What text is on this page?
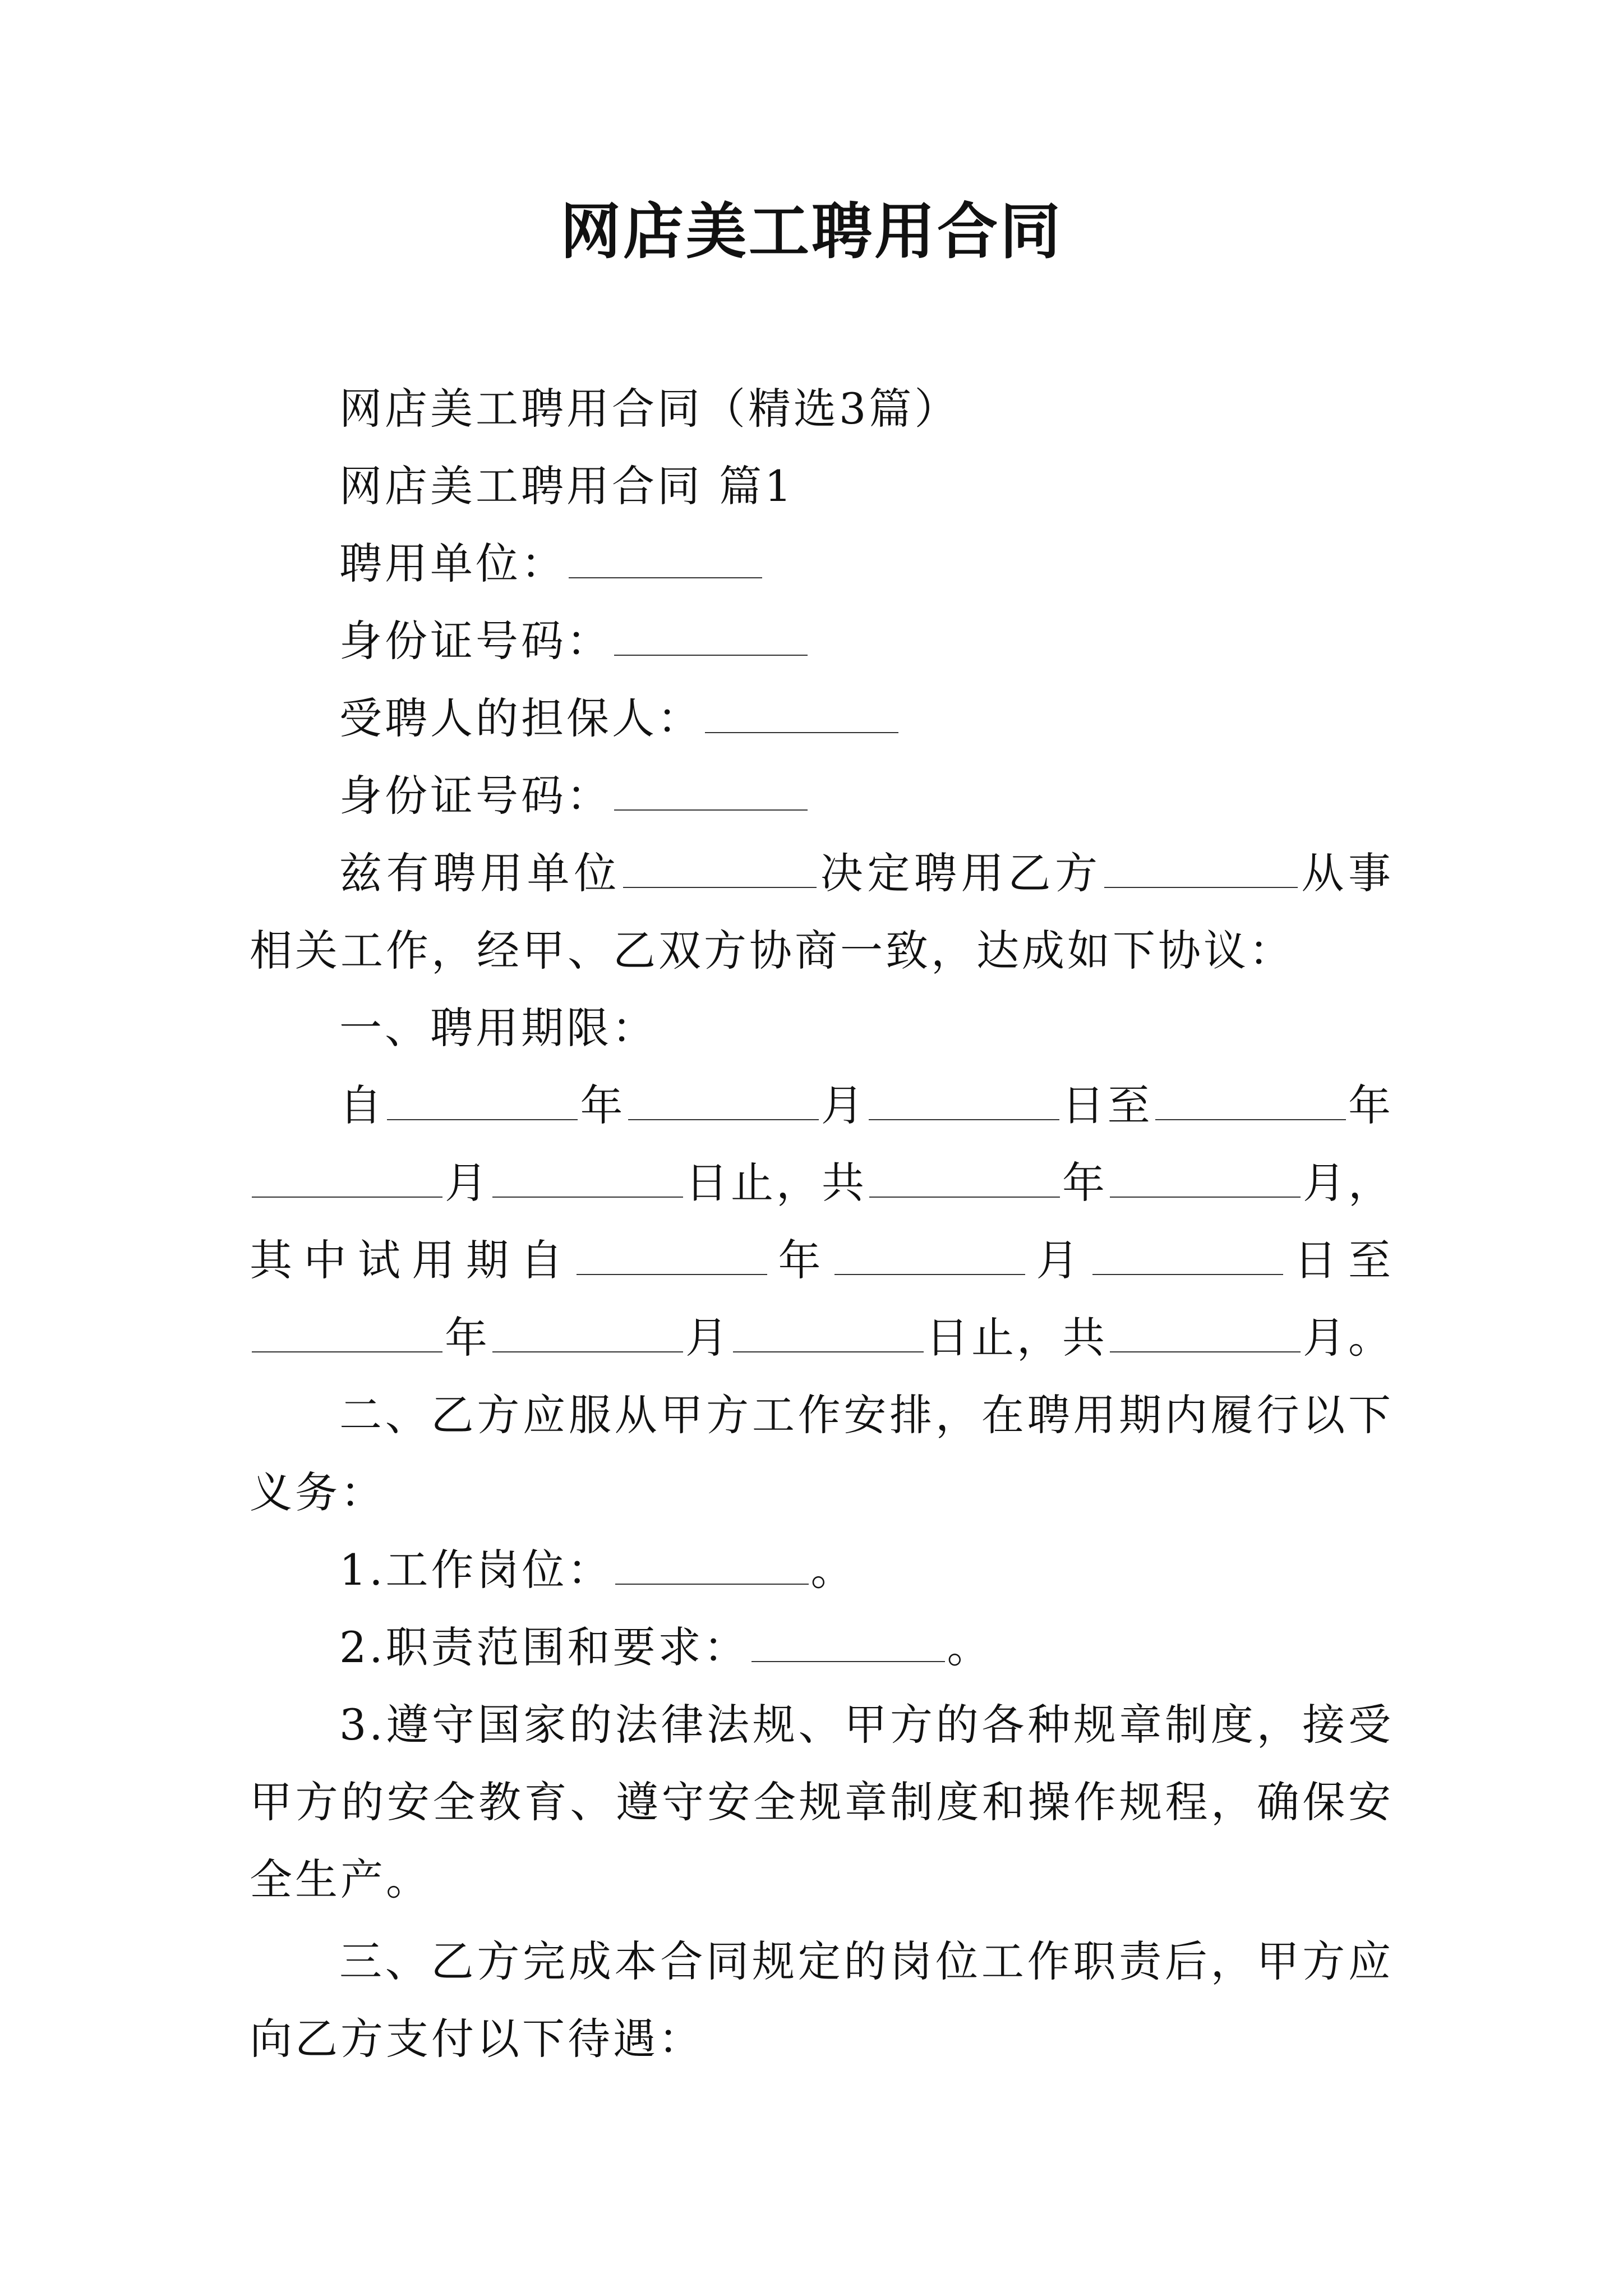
网店美工聘用合同

网店美工聘用合同（精选3篇）

网店美工聘用合同 篇1

聘用单位：

身份证号码：

受聘人的担保人：

身份证号码：

兹有聘用单位	决定聘用乙方	从事相关工作，经甲、乙双方协商一致，达成如下协议：

一、聘用期限：

自	年	月	日至	年月	日止，共	年	月，其中试用期自	年	月	日至年	月	日止，共	月。

二、乙方应服从甲方工作安排，在聘用期内履行以下义务：

1.工作岗位：	。

2.职责范围和要求：	。

3.遵守国家的法律法规、甲方的各种规章制度，接受甲方的安全教育、遵守安全规章制度和操作规程，确保安全生产。

三、乙方完成本合同规定的岗位工作职责后，甲方应向乙方支付以下待遇：
